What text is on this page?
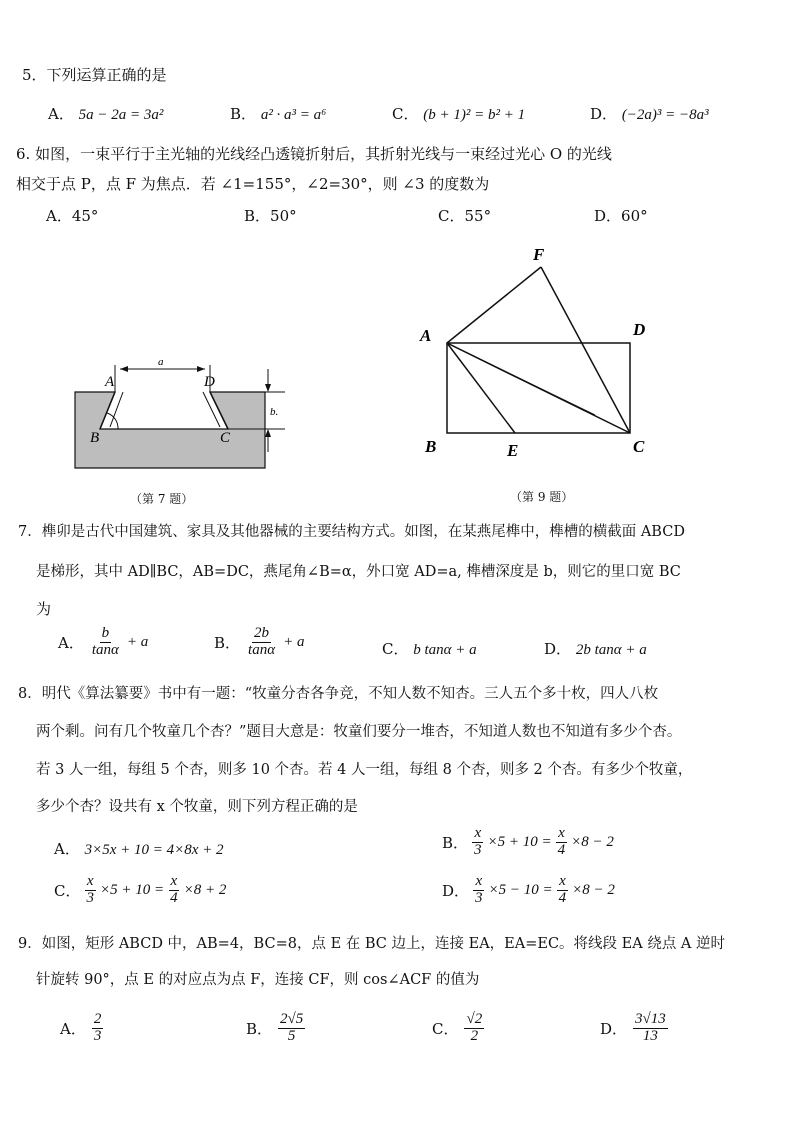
5．下列运算正确的是
A． 5a − 2a = 3a²	B． a² · a³ = a⁶	C． (b + 1)² = b² + 1	D． (−2a)³ = −8a³
6. 如图，一束平行于主光轴的光线经凸透镜折射后，其折射光线与一束经过光心 O 的光线
相交于点 P，点 F 为焦点．若 ∠1=155°，∠2=30°，则 ∠3 的度数为
A．45°	B．50°	C．55°	D．60°
A	D
B	C
a
b.
（第 7 题）
F
A	D
B	E	C
（第 9 题）
7．榫卯是古代中国建筑、家具及其他器械的主要结构方式。如图，在某燕尾榫中，榫槽的横截面 ABCD
是梯形，其中 AD∥BC，AB=DC，燕尾角∠B=α，外口宽 AD=a, 榫槽深度是 b，则它的里口宽 BC
为
A． $\frac{b}{\tan\alpha} + a$	B． $\frac{2b}{\tan\alpha} + a$	C． b tanα + a	D． 2b tanα + a
8．明代《算法纂要》书中有一题：“牧童分杏各争竞，不知人数不知杏。三人五个多十枚，四人八枚
两个剩。问有几个牧童几个杏？”题目大意是：牧童们要分一堆杏，不知道人数也不知道有多少个杏。
若 3 人一组，每组 5 个杏，则多 10 个杏。若 4 人一组，每组 8 个杏，则多 2 个杏。有多少个牧童，
多少个杏？设共有 x 个牧童，则下列方程正确的是
A． 3×5x + 10 = 4×8x + 2	B． $\frac{x}{3} \times 5 + 10 = \frac{x}{4} \times 8 - 2$
C． $\frac{x}{3} \times 5 + 10 = \frac{x}{4} \times 8 + 2$	D． $\frac{x}{3} \times 5 - 10 = \frac{x}{4} \times 8 - 2$
9．如图，矩形 ABCD 中，AB=4，BC=8，点 E 在 BC 边上，连接 EA，EA=EC。将线段 EA 绕点 A 逆时
针旋转 90°，点 E 的对应点为点 F，连接 CF，则 cos∠ACF 的值为
A． $\frac{2}{3}$	B． $\frac{2√5}{5}$	C． $\frac{√2}{2}$	D． $\frac{3√13}{13}$
